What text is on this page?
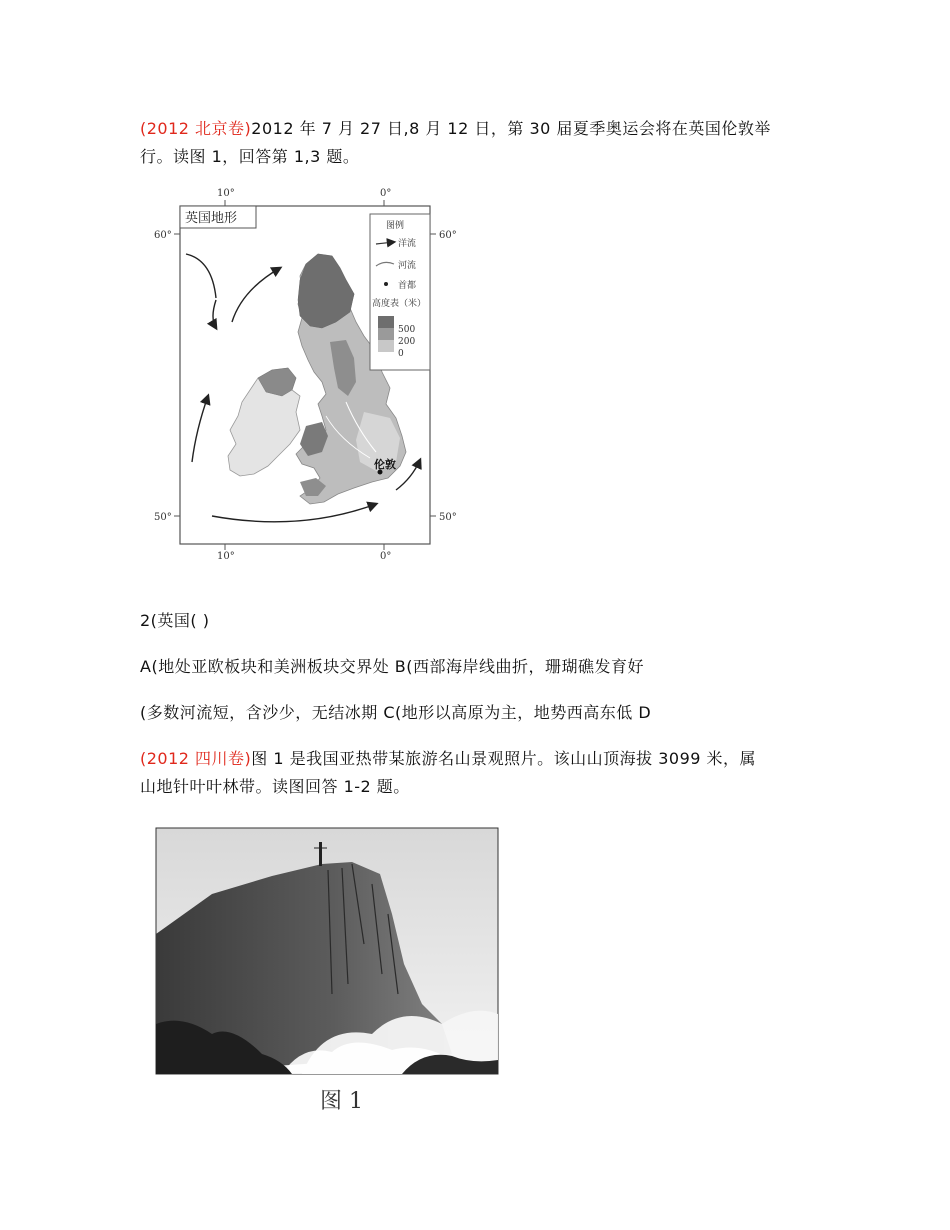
(2012 北京卷)2012 年 7 月 27 日,8 月 12 日，第 30 届夏季奥运会将在英国伦敦举
行。读图 1，回答第 1,3 题。
10°	0°
10°	0°
60°	60°
50°	50°
英国地形
伦敦
图例
洋流
河流
首都
高度表（米）
500
200
0
2(英国( )
A(地处亚欧板块和美洲板块交界处 B(西部海岸线曲折，珊瑚礁发育好
(多数河流短，含沙少，无结冰期 C(地形以高原为主，地势西高东低 D
(2012 四川卷)图 1 是我国亚热带某旅游名山景观照片。该山山顶海拔 3099 米，属
山地针叶叶林带。读图回答 1-2 题。
图 1
